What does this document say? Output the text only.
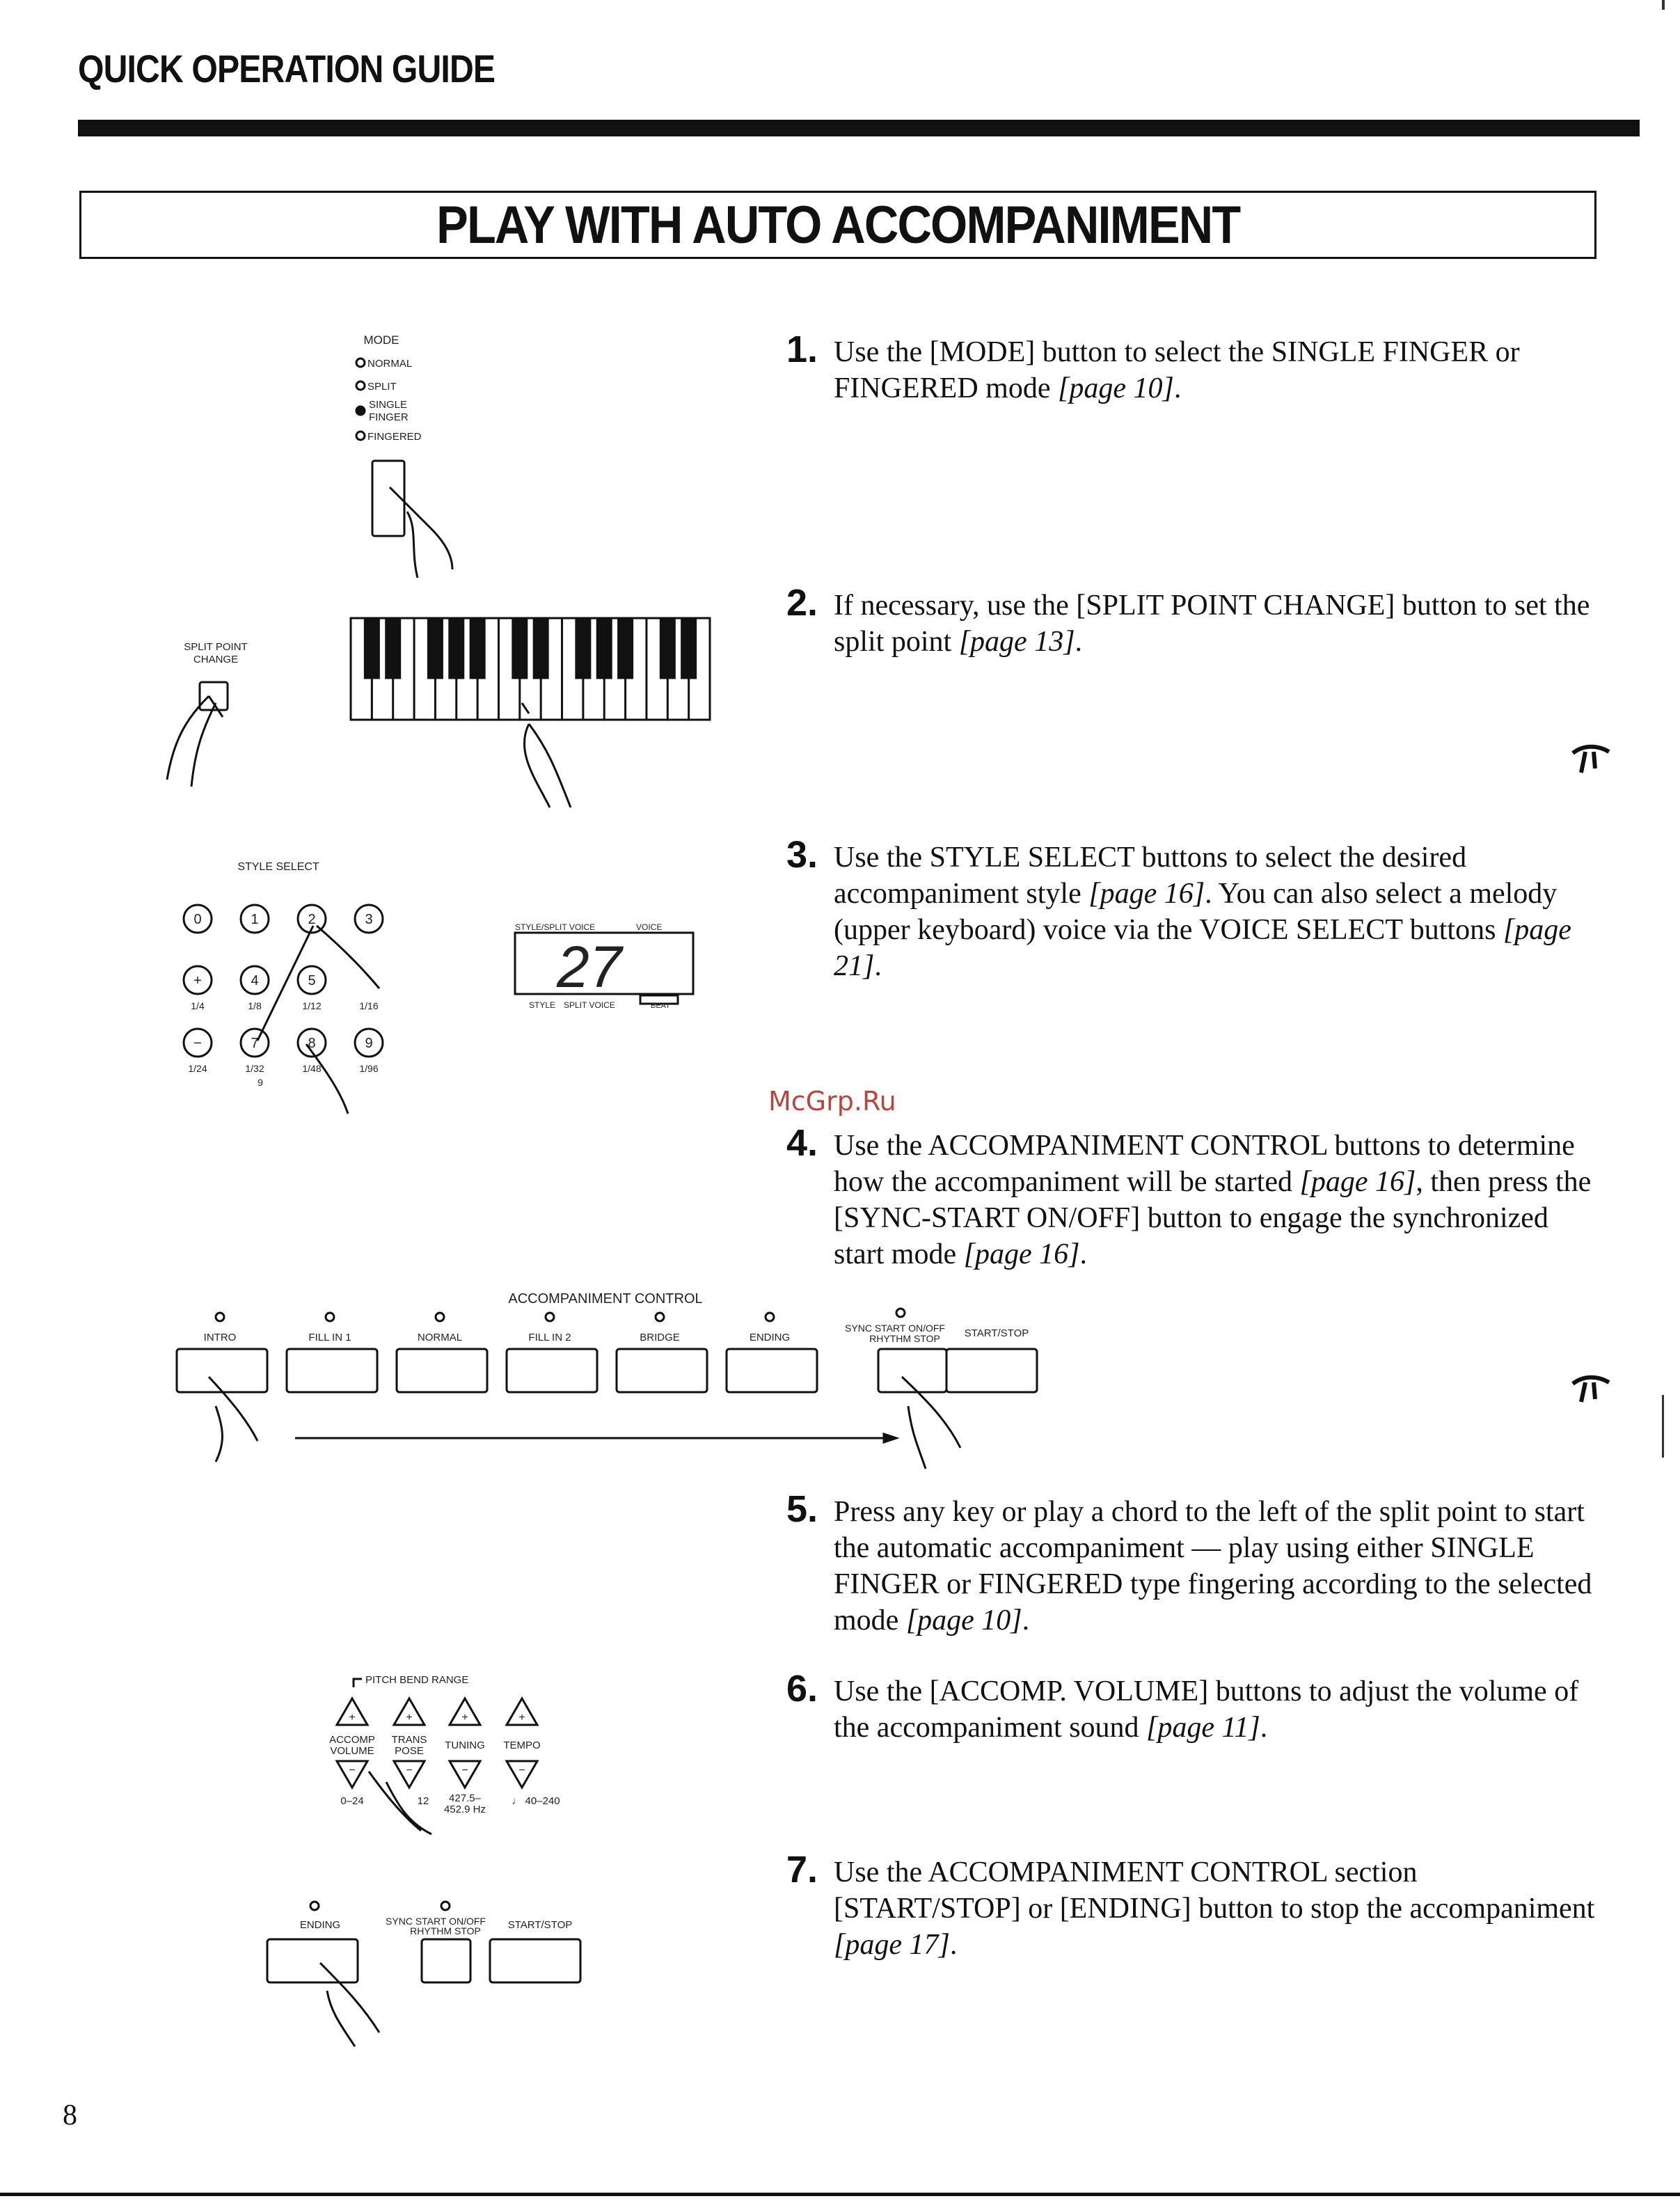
QUICK OPERATION GUIDE
PLAY WITH AUTO ACCOMPANIMENT
1. Use the [MODE] button to select the SINGLE FINGER or FINGERED mode [page 10].
2. If necessary, use the [SPLIT POINT CHANGE] button to set the split point [page 13].
3. Use the STYLE SELECT buttons to select the desired accompaniment style [page 16]. You can also select a melody (upper keyboard) voice via the VOICE SELECT buttons [page 21].
4. Use the ACCOMPANIMENT CONTROL buttons to determine how the accompaniment will be started [page 16], then press the [SYNC-START ON/OFF] button to engage the synchronized start mode [page 16].
5. Press any key or play a chord to the left of the split point to start the automatic accompaniment — play using either SINGLE FINGER or FINGERED type fingering according to the selected mode [page 10].
6. Use the [ACCOMP. VOLUME] buttons to adjust the volume of the accompaniment sound [page 11].
7. Use the ACCOMPANIMENT CONTROL section [START/STOP] or [ENDING] button to stop the accompaniment [page 17].
McGrp.Ru
MODE
NORMAL
SPLIT
SINGLE
FINGER
FINGERED
SPLIT POINT
CHANGE
STYLE SELECT
0	1	2	3
+	4	5
−	7	8	9
1/4	1/8	1/12	1/16
1/24	1/32	1/48	1/96
9
STYLE/SPLIT VOICE	VOICE
27
STYLE SPLIT VOICE	BEAT
ACCOMPANIMENT CONTROL
INTRO	FILL IN 1	NORMAL	FILL IN 2	BRIDGE	ENDING
SYNC START ON/OFF
RHYTHM STOP START/STOP
PITCH BEND RANGE
+
−
+
−
+
−
+
−
ACCOMP
VOLUME
TRANS
POSE TUNING TEMPO
0–24	12 427.5–
452.9 Hz
♩ 40–240
ENDING	SYNC START ON/OFF
RHYTHM STOP	START/STOP
8
